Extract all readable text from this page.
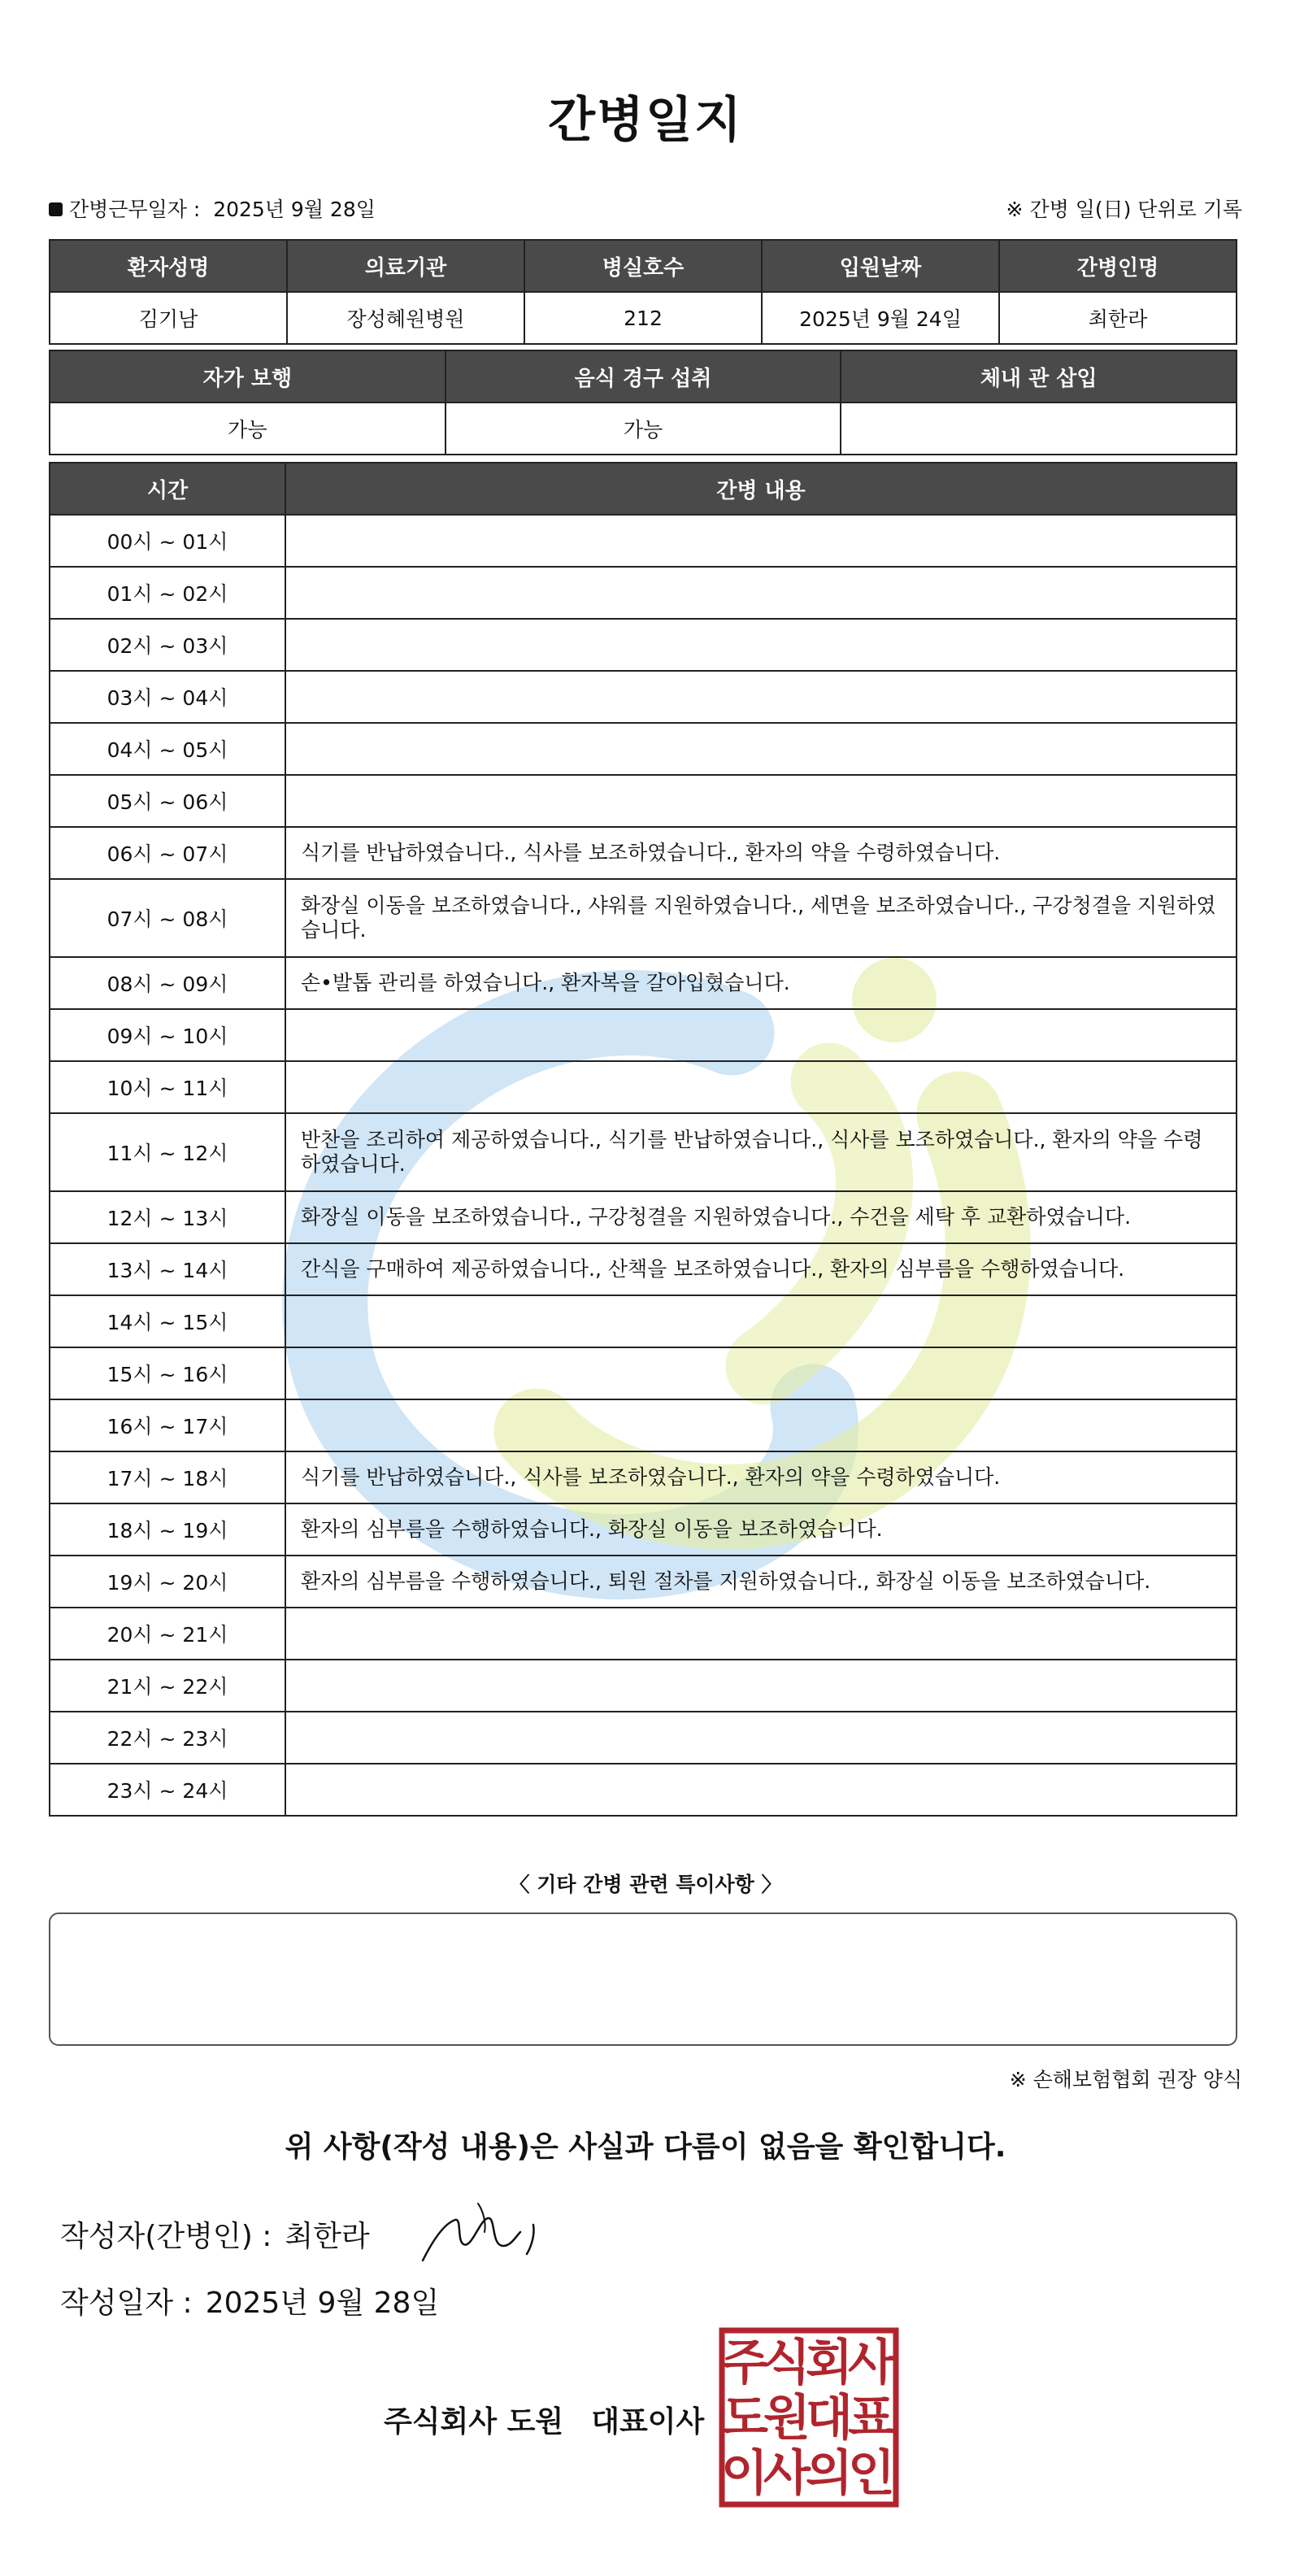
간병일지
간병근무일자 : 2025년 9월 28일	※ 간병 일(日) 단위로 기록
환자성명	의료기관	병실호수	입원날짜	간병인명
김기남	장성혜원병원	212	2025년 9월 24일	최한라
자가 보행	음식 경구 섭취	체내 관 삽입
가능	가능	
시간	간병 내용
00시 ~ 01시	
01시 ~ 02시	
02시 ~ 03시	
03시 ~ 04시	
04시 ~ 05시	
05시 ~ 06시	
06시 ~ 07시	식기를 반납하였습니다., 식사를 보조하였습니다., 환자의 약을 수령하였습니다.
07시 ~ 08시	화장실 이동을 보조하였습니다., 샤워를 지원하였습니다., 세면을 보조하였습니다., 구강청결을 지원하였습니다.
08시 ~ 09시	손•발톱 관리를 하였습니다., 환자복을 갈아입혔습니다.
09시 ~ 10시	
10시 ~ 11시	
11시 ~ 12시	반찬을 조리하여 제공하였습니다., 식기를 반납하였습니다., 식사를 보조하였습니다., 환자의 약을 수령하였습니다.
12시 ~ 13시	화장실 이동을 보조하였습니다., 구강청결을 지원하였습니다., 수건을 세탁 후 교환하였습니다.
13시 ~ 14시	간식을 구매하여 제공하였습니다., 산책을 보조하였습니다., 환자의 심부름을 수행하였습니다.
14시 ~ 15시	
15시 ~ 16시	
16시 ~ 17시	
17시 ~ 18시	식기를 반납하였습니다., 식사를 보조하였습니다., 환자의 약을 수령하였습니다.
18시 ~ 19시	환자의 심부름을 수행하였습니다., 화장실 이동을 보조하였습니다.
19시 ~ 20시	환자의 심부름을 수행하였습니다., 퇴원 절차를 지원하였습니다., 화장실 이동을 보조하였습니다.
20시 ~ 21시	
21시 ~ 22시	
22시 ~ 23시	
23시 ~ 24시	
〈 기타 간병 관련 특이사항 〉
※ 손해보험협회 권장 양식
위 사항(작성 내용)은 사실과 다름이 없음을 확인합니다.
작성자(간병인) : 최한라
작성일자 : 2025년 9월 28일
주식회사 도원 대표이사
주
식
회
사
도
원
대
표
이
사
의
인
